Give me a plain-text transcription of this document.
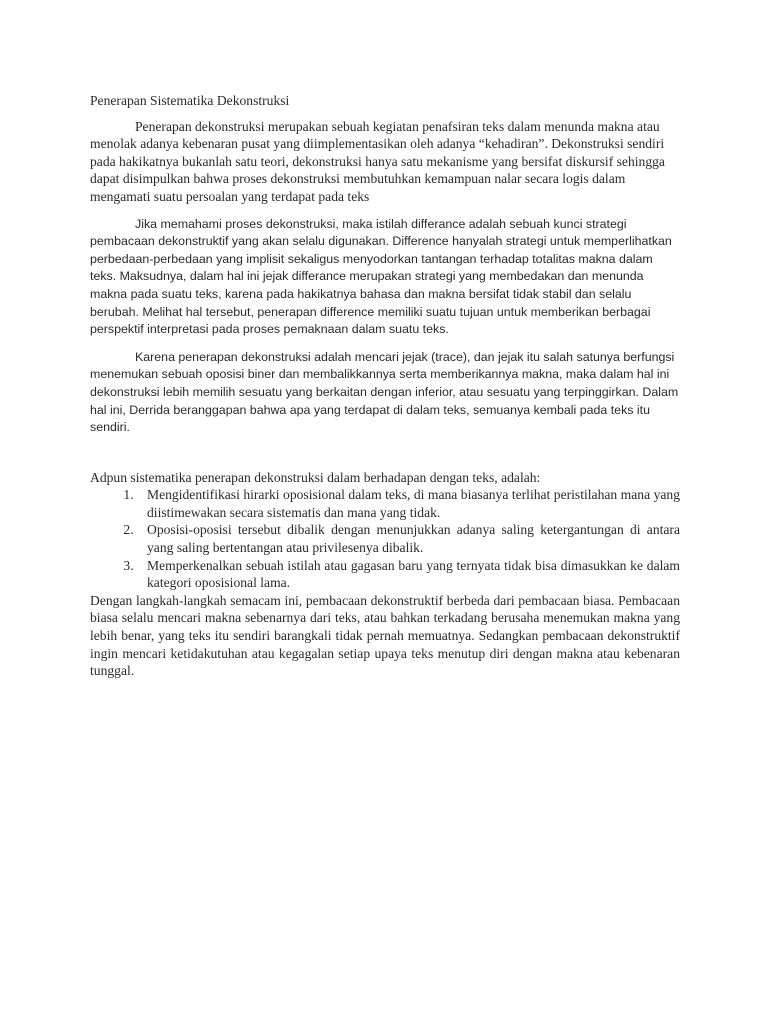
Penerapan Sistematika Dekonstruksi

Penerapan dekonstruksi merupakan sebuah kegiatan penafsiran teks dalam menunda makna atau menolak adanya kebenaran pusat yang diimplementasikan oleh adanya “kehadiran”. Dekonstruksi sendiri pada hakikatnya bukanlah satu teori, dekonstruksi hanya satu mekanisme yang bersifat diskursif sehingga dapat disimpulkan bahwa proses dekonstruksi membutuhkan kemampuan nalar secara logis dalam mengamati suatu persoalan yang terdapat pada teks

Jika memahami proses dekonstruksi, maka istilah differance adalah sebuah kunci strategi pembacaan dekonstruktif yang akan selalu digunakan. Difference hanyalah strategi untuk memperlihatkan perbedaan-perbedaan yang implisit sekaligus menyodorkan tantangan terhadap totalitas makna dalam teks. Maksudnya, dalam hal ini jejak differance merupakan strategi yang membedakan dan menunda makna pada suatu teks, karena pada hakikatnya bahasa dan makna bersifat tidak stabil dan selalu berubah. Melihat hal tersebut, penerapan difference memiliki suatu tujuan untuk memberikan berbagai perspektif interpretasi pada proses pemaknaan dalam suatu teks.

Karena penerapan dekonstruksi adalah mencari jejak (trace), dan jejak itu salah satunya berfungsi menemukan sebuah oposisi biner dan membalikkannya serta memberikannya makna, maka dalam hal ini dekonstruksi lebih memilih sesuatu yang berkaitan dengan inferior, atau sesuatu yang terpinggirkan. Dalam hal ini, Derrida beranggapan bahwa apa yang terdapat di dalam teks, semuanya kembali pada teks itu sendiri.

Adpun sistematika penerapan dekonstruksi dalam berhadapan dengan teks, adalah:

1. Mengidentifikasi hirarki oposisional dalam teks, di mana biasanya terlihat peristilahan mana yang diistimewakan secara sistematis dan mana yang tidak.
2. Oposisi-oposisi tersebut dibalik dengan menunjukkan adanya saling ketergantungan di antara yang saling bertentangan atau privilesenya dibalik.
3. Memperkenalkan sebuah istilah atau gagasan baru yang ternyata tidak bisa dimasukkan ke dalam kategori oposisional lama.

Dengan langkah-langkah semacam ini, pembacaan dekonstruktif berbeda dari pembacaan biasa. Pembacaan biasa selalu mencari makna sebenarnya dari teks, atau bahkan terkadang berusaha menemukan makna yang lebih benar, yang teks itu sendiri barangkali tidak pernah memuatnya. Sedangkan pembacaan dekonstruktif ingin mencari ketidakutuhan atau kegagalan setiap upaya teks menutup diri dengan makna atau kebenaran tunggal.
